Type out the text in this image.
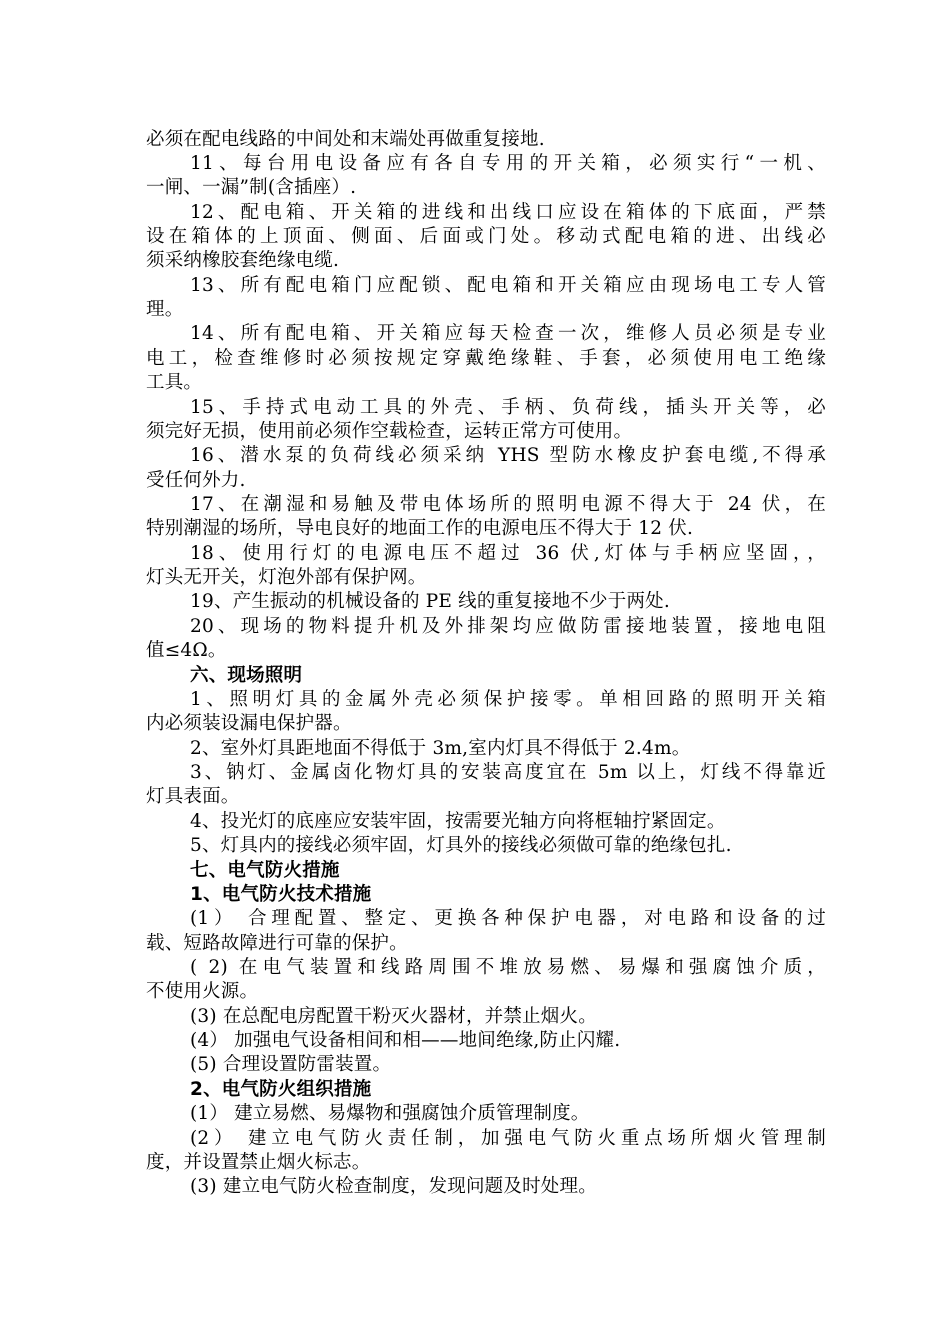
必须在配电线路的中间处和末端处再做重复接地.
11、每台用电设备应有各自专用的开关箱，必须实行“一机、
一闸、一漏”制(含插座）.
12、配电箱、开关箱的进线和出线口应设在箱体的下底面，严禁
设在箱体的上顶面、侧面、后面或门处。移动式配电箱的进、出线必
须采纳橡胶套绝缘电缆.
13、所有配电箱门应配锁、配电箱和开关箱应由现场电工专人管
理。
14、所有配电箱、开关箱应每天检查一次，维修人员必须是专业
电工，检查维修时必须按规定穿戴绝缘鞋、手套，必须使用电工绝缘
工具。
15、手持式电动工具的外壳、手柄、负荷线，插头开关等，必
须完好无损，使用前必须作空载检查，运转正常方可使用。
16、潜水泵的负荷线必须采纳 YHS 型防水橡皮护套电缆,不得承
受任何外力.
17、在潮湿和易触及带电体场所的照明电源不得大于 24 伏，在
特别潮湿的场所，导电良好的地面工作的电源电压不得大于 12 伏.
18、使用行灯的电源电压不超过 36 伏,灯体与手柄应坚固，，
灯头无开关，灯泡外部有保护网。
19、产生振动的机械设备的 PE 线的重复接地不少于两处.
20、现场的物料提升机及外排架均应做防雷接地装置，接地电阻
值≤4Ω。
六、现场照明
1、照明灯具的金属外壳必须保护接零。单相回路的照明开关箱
内必须装设漏电保护器。
2、室外灯具距地面不得低于 3m,室内灯具不得低于 2.4m。
3、钠灯、金属卤化物灯具的安装高度宜在 5m 以上，灯线不得靠近
灯具表面。
4、投光灯的底座应安装牢固，按需要光轴方向将框轴拧紧固定。
5、灯具内的接线必须牢固，灯具外的接线必须做可靠的绝缘包扎.
七、电气防火措施
1、电气防火技术措施
(1） 合理配置、整定、更换各种保护电器，对电路和设备的过
载、短路故障进行可靠的保护。
( 2) 在电气装置和线路周围不堆放易燃、易爆和强腐蚀介质，
不使用火源。
(3) 在总配电房配置干粉灭火器材，并禁止烟火。
(4） 加强电气设备相间和相——地间绝缘,防止闪耀.
(5) 合理设置防雷装置。
2、电气防火组织措施
(1） 建立易燃、易爆物和强腐蚀介质管理制度。
(2） 建立电气防火责任制，加强电气防火重点场所烟火管理制
度，并设置禁止烟火标志。
(3) 建立电气防火检查制度，发现问题及时处理。
